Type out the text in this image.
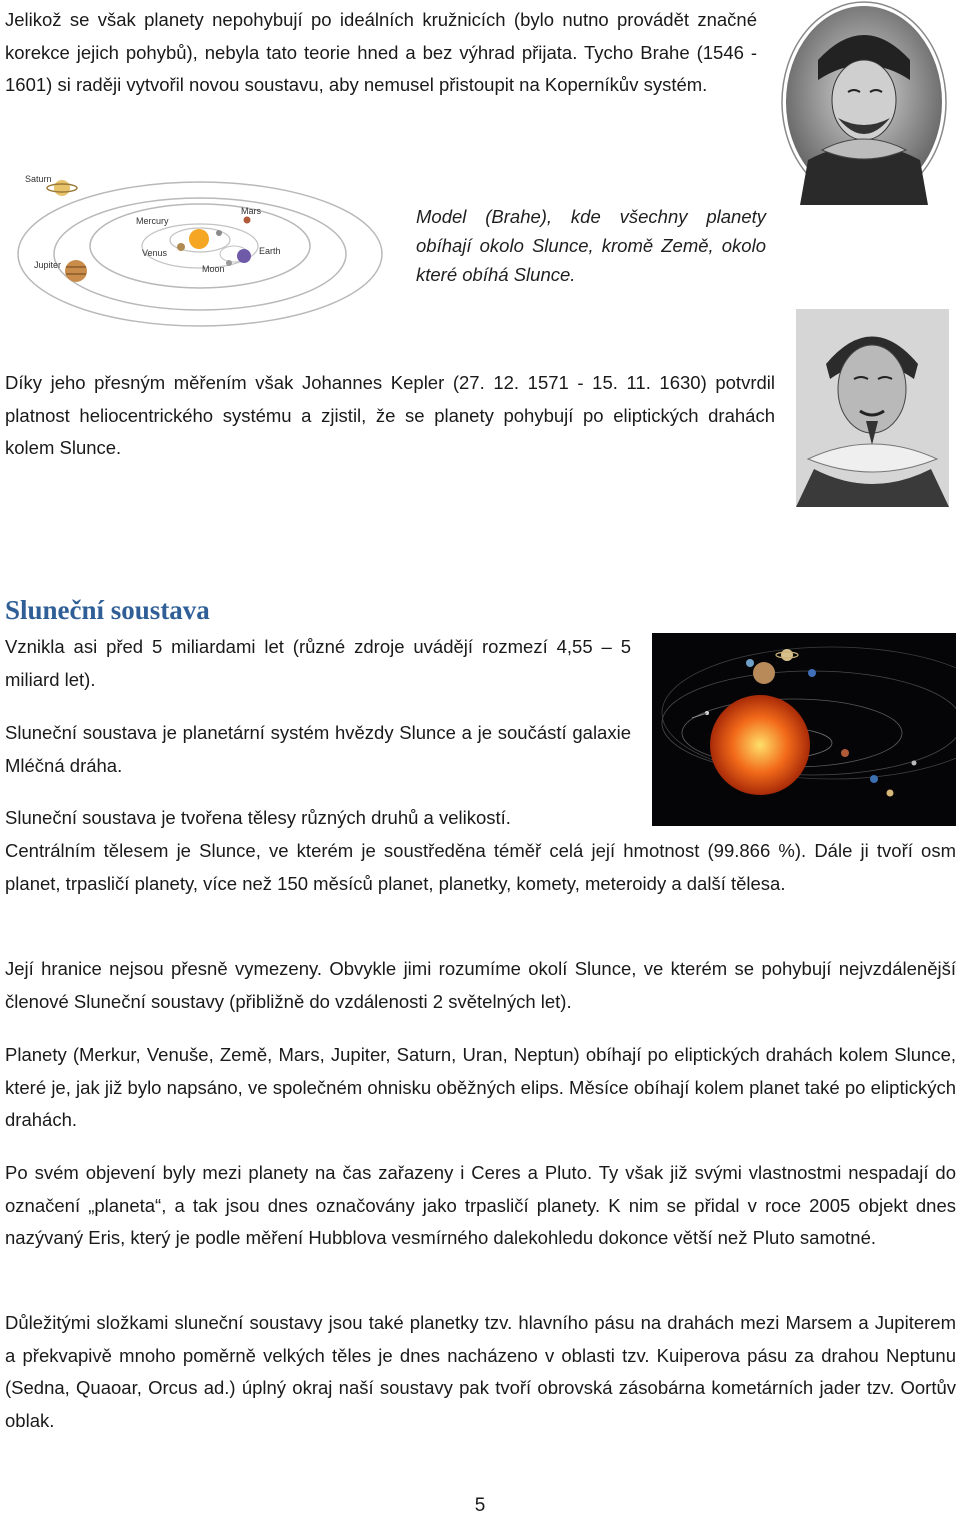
Jelikož se však planety nepohybují po ideálních kružnicích (bylo nutno provádět značné korekce jejich pohybů), nebyla tato teorie hned a bez výhrad přijata. Tycho Brahe (1546 - 1601) si raději vytvořil novou soustavu, aby nemusel přistoupit na Koperníkův systém.

Saturn
Mercury
Mars
Venus	Earth
Jupiter	Moon

Model (Brahe), kde všechny planety obíhají okolo Slunce, kromě Země, okolo které obíhá Slunce.

Díky jeho přesným měřením však Johannes Kepler (27. 12. 1571 - 15. 11. 1630) potvrdil platnost heliocentrického systému a zjistil, že se planety pohybují po eliptických drahách kolem Slunce.

Sluneční soustava

Vznikla asi před 5 miliardami let (různé zdroje uvádějí rozmezí 4,55 – 5 miliard let).

Sluneční soustava je planetární systém hvězdy Slunce a je součástí galaxie Mléčná dráha.

Sluneční soustava je tvořena tělesy různých druhů a velikostí.

Centrálním tělesem je Slunce, ve kterém je soustředěna téměř celá její hmotnost (99.866 %). Dále ji tvoří osm planet, trpasličí planety, více než 150 měsíců planet, planetky, komety, meteroidy a další tělesa.

Její hranice nejsou přesně vymezeny. Obvykle jimi rozumíme okolí Slunce, ve kterém se pohybují nejvzdálenější členové Sluneční soustavy (přibližně do vzdálenosti 2 světelných let).

Planety (Merkur, Venuše, Země, Mars, Jupiter, Saturn, Uran, Neptun) obíhají po eliptických drahách kolem Slunce, které je, jak již bylo napsáno, ve společném ohnisku oběžných elips. Měsíce obíhají kolem planet také po eliptických drahách.

Po svém objevení byly mezi planety na čas zařazeny i Ceres a Pluto. Ty však již svými vlastnostmi nespadají do označení „planeta“, a tak jsou dnes označovány jako trpasličí planety. K nim se přidal v roce 2005 objekt dnes nazývaný Eris, který je podle měření Hubblova vesmírného dalekohledu dokonce větší než Pluto samotné.

Důležitými složkami sluneční soustavy jsou také planetky tzv. hlavního pásu na drahách mezi Marsem a Jupiterem a překvapivě mnoho poměrně velkých těles je dnes nacházeno v oblasti tzv. Kuiperova pásu za drahou Neptunu (Sedna, Quaoar, Orcus ad.) úplný okraj naší soustavy pak tvoří obrovská zásobárna kometárních jader tzv. Oortův oblak.

5
